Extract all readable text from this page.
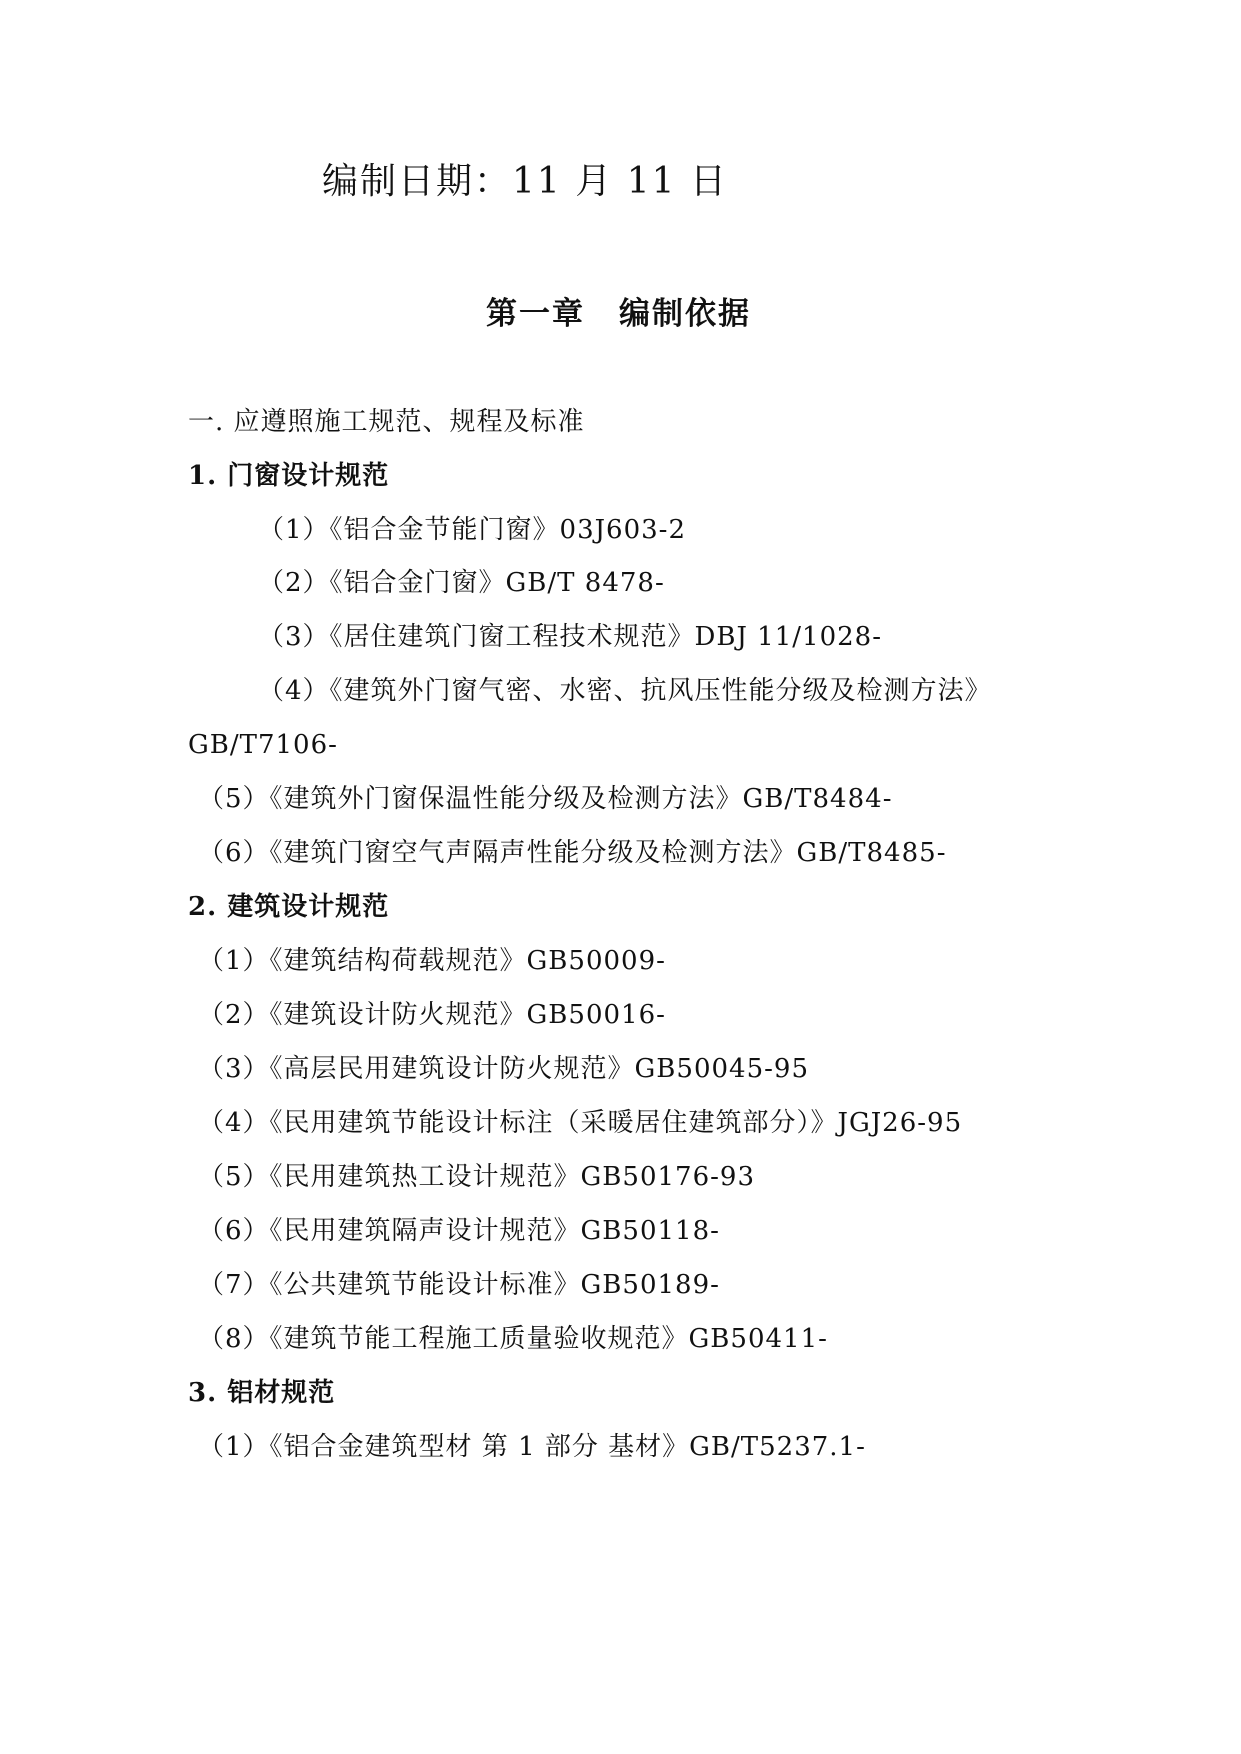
编制日期：11 月 11 日
第一章 编制依据
一. 应遵照施工规范、规程及标准
1. 门窗设计规范
（1）《铝合金节能门窗》03J603-2
（2）《铝合金门窗》GB/T 8478-
（3）《居住建筑门窗工程技术规范》DBJ 11/1028-
（4）《建筑外门窗气密、水密、抗风压性能分级及检测方法》
GB/T7106-
（5）《建筑外门窗保温性能分级及检测方法》GB/T8484-
（6）《建筑门窗空气声隔声性能分级及检测方法》GB/T8485-
2. 建筑设计规范
（1）《建筑结构荷载规范》GB50009-
（2）《建筑设计防火规范》GB50016-
（3）《高层民用建筑设计防火规范》GB50045-95
（4）《民用建筑节能设计标注（采暖居住建筑部分）》JGJ26-95
（5）《民用建筑热工设计规范》GB50176-93
（6）《民用建筑隔声设计规范》GB50118-
（7）《公共建筑节能设计标准》GB50189-
（8）《建筑节能工程施工质量验收规范》GB50411-
3. 铝材规范
（1）《铝合金建筑型材 第 1 部分 基材》GB/T5237.1-
